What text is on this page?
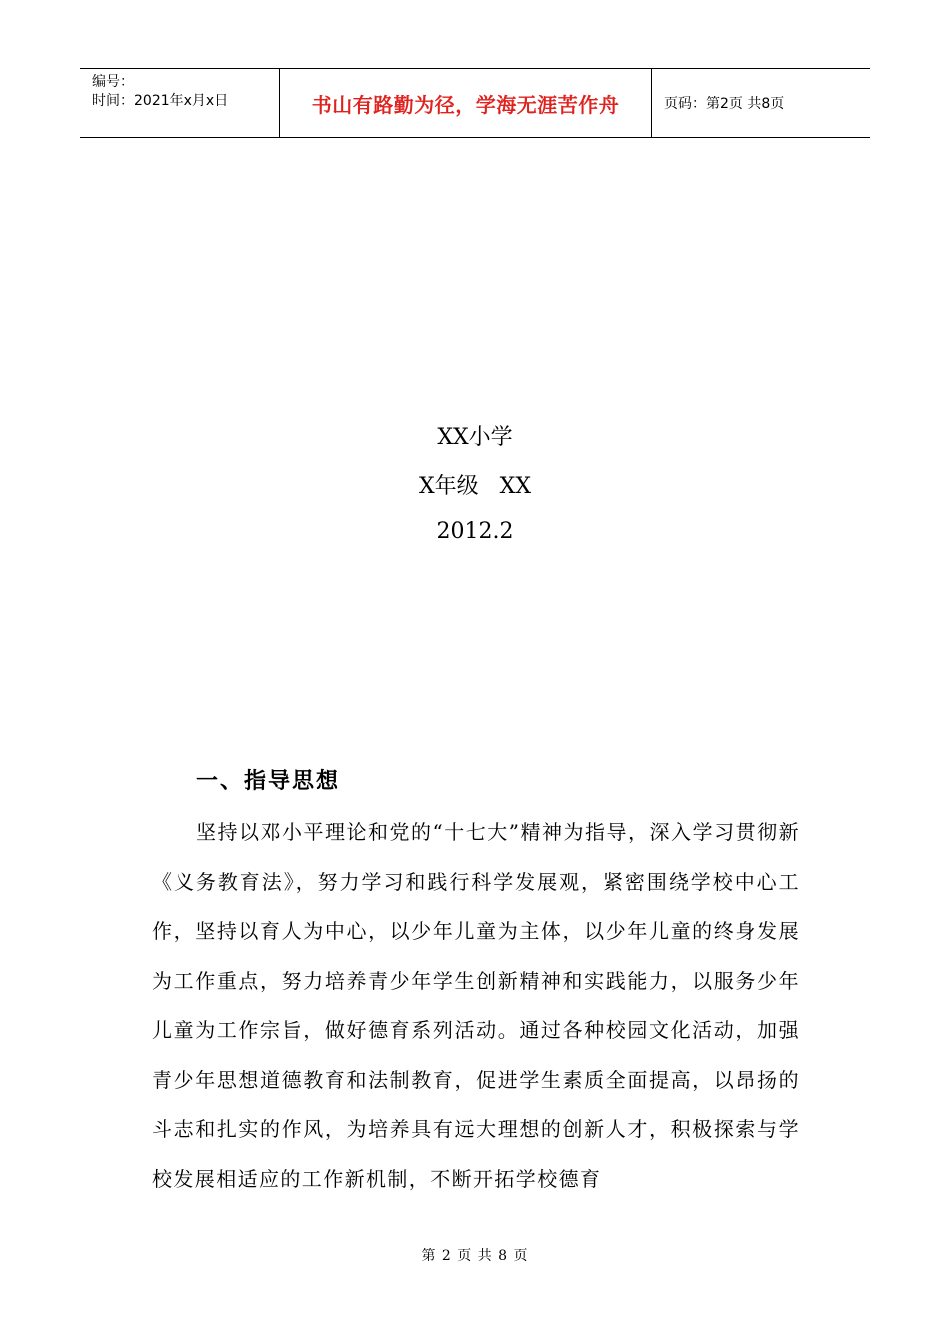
编号：
时间：2021年x月x日	书山有路勤为径，学海无涯苦作舟	页码：第2页 共8页
XX小学
X年级   XX
2012.2
一、指导思想

坚持以邓小平理论和党的“十七大”精神为指导，深入学习贯彻新《义务教育法》，努力学习和践行科学发展观，紧密围绕学校中心工作，坚持以育人为中心，以少年儿童为主体，以少年儿童的终身发展为工作重点，努力培养青少年学生创新精神和实践能力，以服务少年儿童为工作宗旨，做好德育系列活动。通过各种校园文化活动，加强青少年思想道德教育和法制教育，促进学生素质全面提高，以昂扬的斗志和扎实的作风，为培养具有远大理想的创新人才，积极探索与学校发展相适应的工作新机制，不断开拓学校德育

第 2 页 共 8 页
